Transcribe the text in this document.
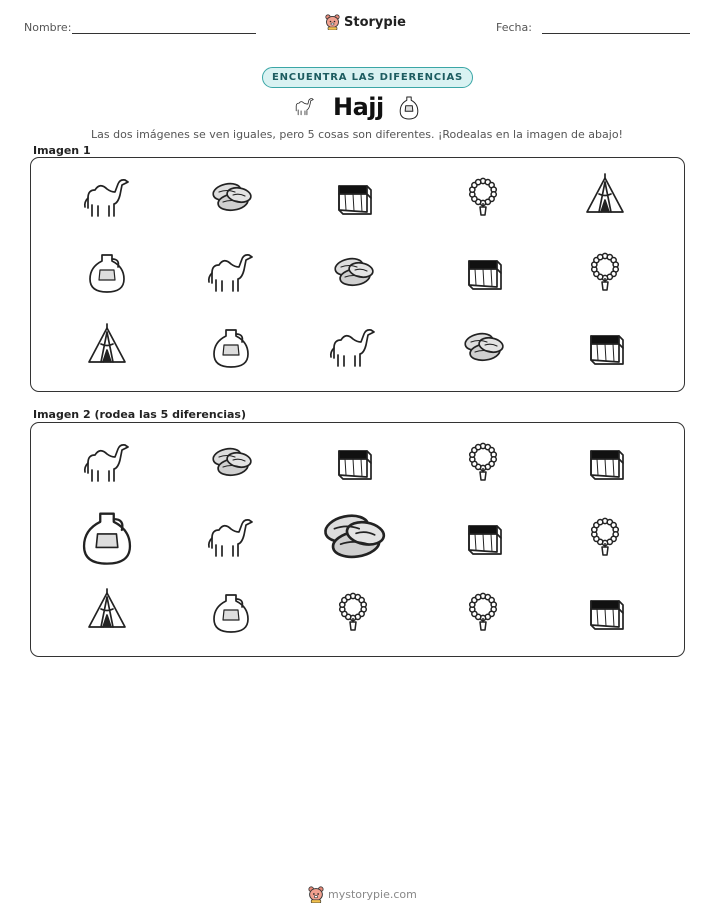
Nombre:	Storypie	Fecha:
ENCUENTRA LAS DIFERENCIAS
Hajj
Las dos imágenes se ven iguales, pero 5 cosas son diferentes. ¡Rodealas en la imagen de abajo!
Imagen 1
Imagen 2 (rodea las 5 diferencias)
mystorypie.com
